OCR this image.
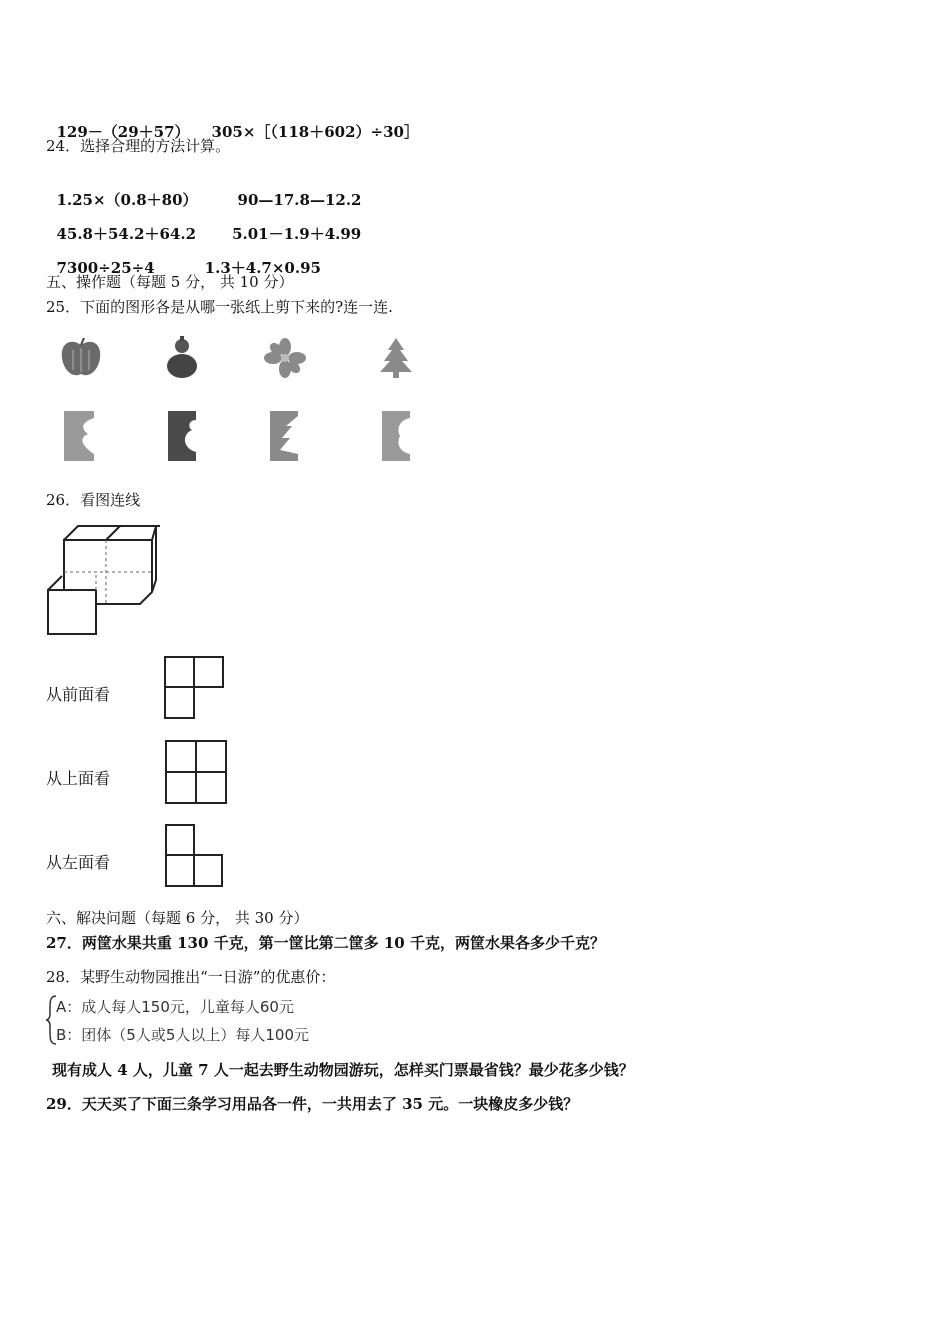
129－（29＋57） 305×［（118＋602）÷30］

24．选择合理的方法计算。

1.25×（0.8＋80）	90—17.8—12.2

45.8＋54.2＋64.2 5.01－1.9＋4.99

7300÷25÷4	1.3＋4.7×0.95

五、操作题（每题 5 分， 共 10 分）
25．下面的图形各是从哪一张纸上剪下来的?连一连.
26．看图连线
从前面看
从上面看
从左面看
六、解决问题（每题 6 分， 共 30 分）
27．两筐水果共重 130 千克，第一筐比第二筐多 10 千克，两筐水果各多少千克？
28．某野生动物园推出“一日游”的优惠价：
A：成人每人150元，儿童每人60元
B：团体（5人或5人以上）每人100元
现有成人 4 人，儿童 7 人一起去野生动物园游玩，怎样买门票最省钱？最少花多少钱？
29．天天买了下面三条学习用品各一件，一共用去了 35 元。一块橡皮多少钱？
